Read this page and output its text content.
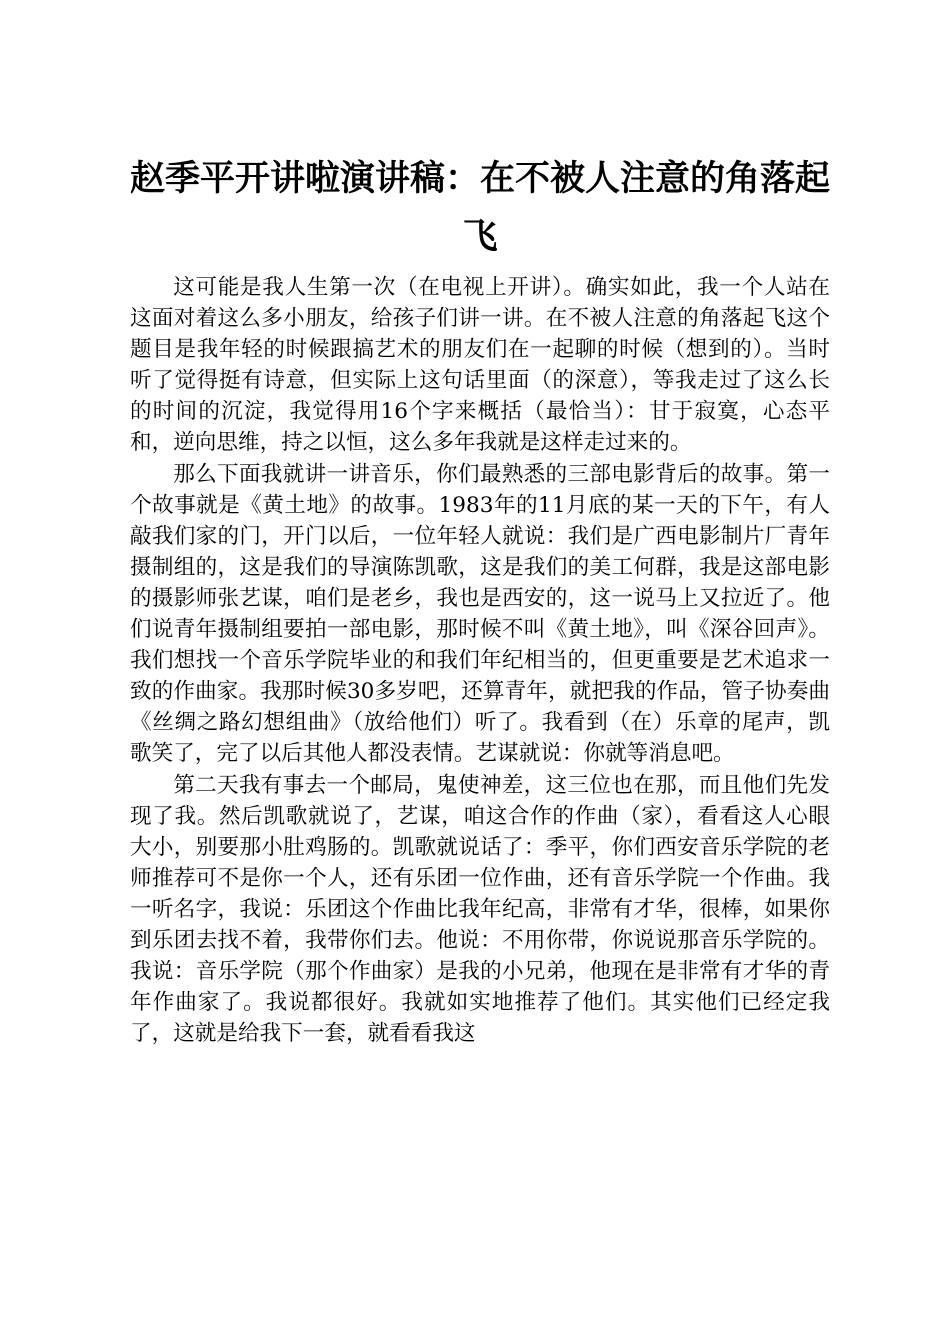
赵季平开讲啦演讲稿：在不被人注意的角落起飞

这可能是我人生第一次（在电视上开讲）。确实如此，我一个人站在这面对着这么多小朋友，给孩子们讲一讲。在不被人注意的角落起飞这个题目是我年轻的时候跟搞艺术的朋友们在一起聊的时候（想到的）。当时听了觉得挺有诗意，但实际上这句话里面（的深意），等我走过了这么长的时间的沉淀，我觉得用16个字来概括（最恰当）：甘于寂寞，心态平和，逆向思维，持之以恒，这么多年我就是这样走过来的。

那么下面我就讲一讲音乐，你们最熟悉的三部电影背后的故事。第一个故事就是《黄土地》的故事。1983年的11月底的某一天的下午，有人敲我们家的门，开门以后，一位年轻人就说：我们是广西电影制片厂青年摄制组的，这是我们的导演陈凯歌，这是我们的美工何群，我是这部电影的摄影师张艺谋，咱们是老乡，我也是西安的，这一说马上又拉近了。他们说青年摄制组要拍一部电影，那时候不叫《黄土地》，叫《深谷回声》。我们想找一个音乐学院毕业的和我们年纪相当的，但更重要是艺术追求一致的作曲家。我那时候30多岁吧，还算青年，就把我的作品，管子协奏曲《丝绸之路幻想组曲》（放给他们）听了。我看到（在）乐章的尾声，凯歌笑了，完了以后其他人都没表情。艺谋就说：你就等消息吧。

第二天我有事去一个邮局，鬼使神差，这三位也在那，而且他们先发现了我。然后凯歌就说了，艺谋，咱这合作的作曲（家），看看这人心眼大小，别要那小肚鸡肠的。凯歌就说话了：季平，你们西安音乐学院的老师推荐可不是你一个人，还有乐团一位作曲，还有音乐学院一个作曲。我一听名字，我说：乐团这个作曲比我年纪高，非常有才华，很棒，如果你到乐团去找不着，我带你们去。他说：不用你带，你说说那音乐学院的。我说：音乐学院（那个作曲家）是我的小兄弟，他现在是非常有才华的青年作曲家了。我说都很好。我就如实地推荐了他们。其实他们已经定我了，这就是给我下一套，就看看我这
